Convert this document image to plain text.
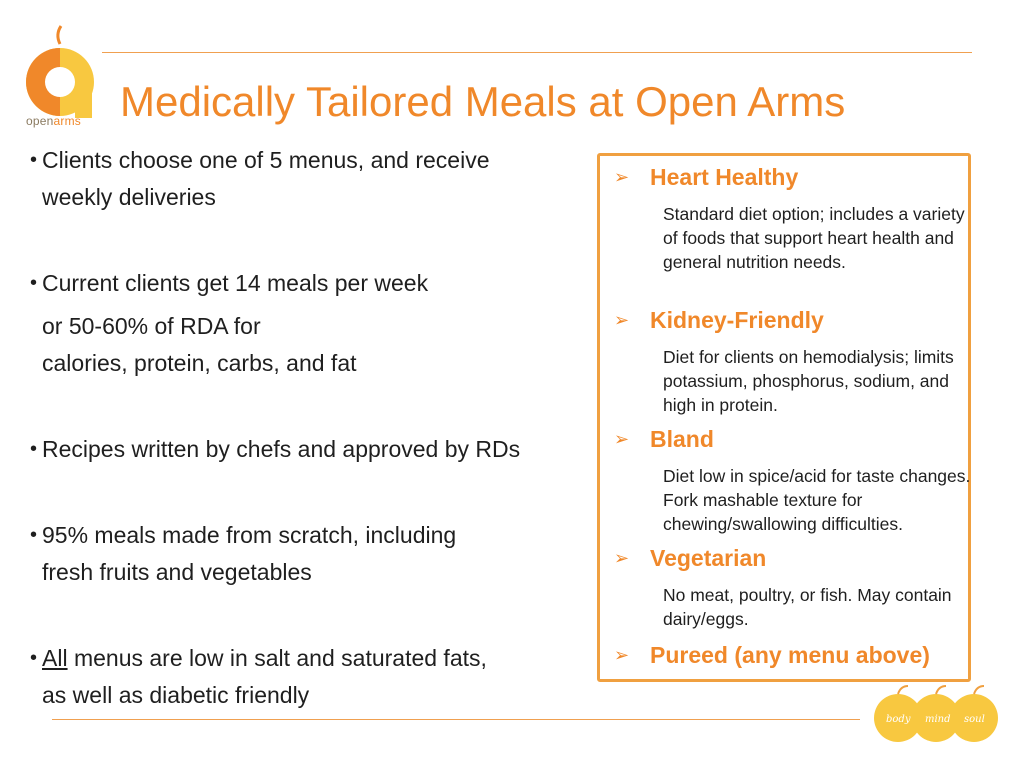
openarms Medically Tailored Meals at Open Arms
• Clients choose one of 5 menus, and receive
weekly deliveries
• Current clients get 14 meals per week
or 50-60% of RDA for
calories, protein, carbs, and fat
• Recipes written by chefs and approved by RDs
• 95% meals made from scratch, including
fresh fruits and vegetables
• All menus are low in salt and saturated fats,
as well as diabetic friendly
➢ Heart Healthy
Standard diet option; includes a variety of foods that support heart health and general nutrition needs.
➢ Kidney-Friendly
Diet for clients on hemodialysis; limits potassium, phosphorus, sodium, and high in protein.
➢ Bland
Diet low in spice/acid for taste changes. Fork mashable texture for chewing/swallowing difficulties.
➢ Vegetarian
No meat, poultry, or fish. May contain dairy/eggs.
➢ Pureed (any menu above)
body mind soul
